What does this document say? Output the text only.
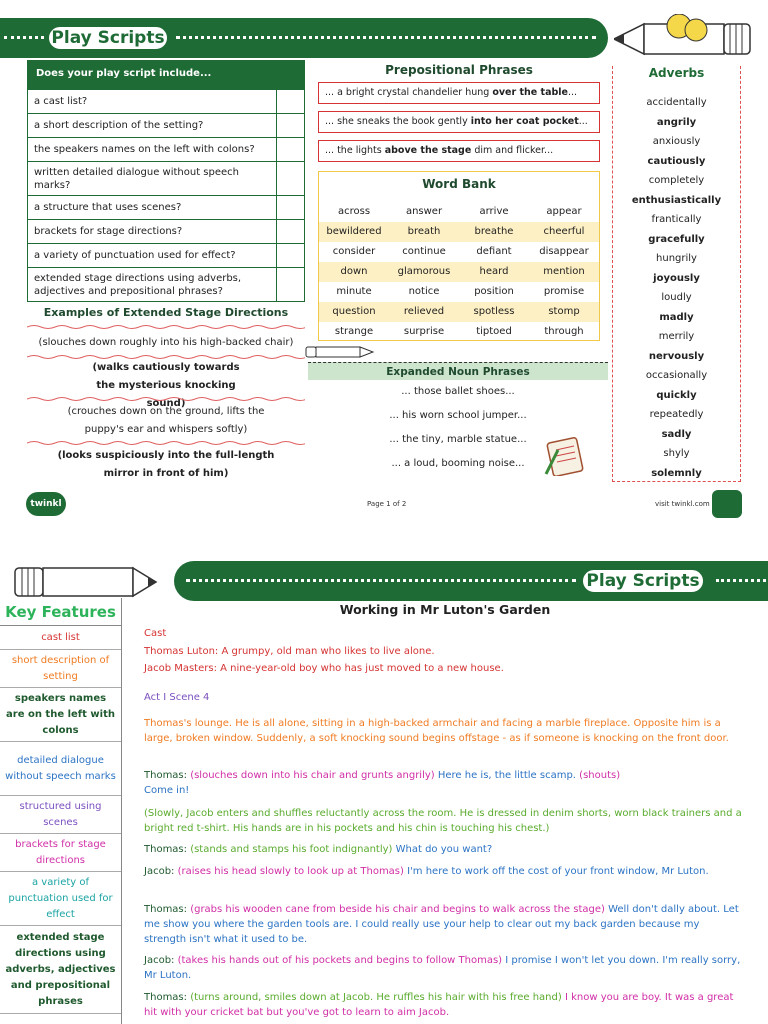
Play Scripts
Does your play script include...
a cast list?
a short description of the setting?
the speakers names on the left with colons?
written detailed dialogue without speech marks?
a structure that uses scenes?
brackets for stage directions?
a variety of punctuation used for effect?
extended stage directions using adverbs, adjectives and prepositional phrases?
Examples of Extended Stage Directions
(slouches down roughly into his high-backed chair)
(walks cautiously towards the mysterious knocking sound)
(crouches down on the ground, lifts the puppy's ear and whispers softly)
(looks suspiciously into the full-length mirror in front of him)
Prepositional Phrases
... a bright crystal chandelier hung over the table...
... she sneaks the book gently into her coat pocket...
... the lights above the stage dim and flicker...
Word Bank
across	answer	arrive	appear
bewildered	breath	breathe	cheerful
consider	continue	defiant	disappear
down	glamorous	heard	mention
minute	notice	position	promise
question	relieved	spotless	stomp
strange	surprise	tiptoed	through
Expanded Noun Phrases
... those ballet shoes...
... his worn school jumper...
... the tiny, marble statue...
... a loud, booming noise...
Adverbs
accidentally
angrily
anxiously
cautiously
completely
enthusiastically
frantically
gracefully
hungrily
joyously
loudly
madly
merrily
nervously
occasionally
quickly
repeatedly
sadly
shyly
solemnly
twinkl	Page 1 of 2	visit twinkl.com
Play Scripts
Key Features
cast list
short description of setting
speakers names are on the left with colons
detailed dialogue without speech marks
structured using scenes
brackets for stage directions
a variety of punctuation used for effect
extended stage directions using adverbs, adjectives and prepositional phrases
Working in Mr Luton's Garden
Cast
Thomas Luton: A grumpy, old man who likes to live alone.
Jacob Masters: A nine-year-old boy who has just moved to a new house.
Act I Scene 4
Thomas's lounge. He is all alone, sitting in a high-backed armchair and facing a marble fireplace. Opposite him is a large, broken window. Suddenly, a soft knocking sound begins offstage - as if someone is knocking on the front door.
Thomas: (slouches down into his chair and grunts angrily) Here he is, the little scamp. (shouts)
Come in!
(Slowly, Jacob enters and shuffles reluctantly across the room. He is dressed in denim shorts, worn black trainers and a bright red t-shirt. His hands are in his pockets and his chin is touching his chest.)
Thomas: (stands and stamps his foot indignantly) What do you want?
Jacob: (raises his head slowly to look up at Thomas) I'm here to work off the cost of your front window, Mr Luton.
Thomas: (grabs his wooden cane from beside his chair and begins to walk across the stage) Well don't dally about. Let me show you where the garden tools are. I could really use your help to clear out my back garden because my strength isn't what it used to be.
Jacob: (takes his hands out of his pockets and begins to follow Thomas) I promise I won't let you down. I'm really sorry, Mr Luton.
Thomas: (turns around, smiles down at Jacob. He ruffles his hair with his free hand) I know you are boy. It was a great hit with your cricket bat but you've got to learn to aim Jacob.
